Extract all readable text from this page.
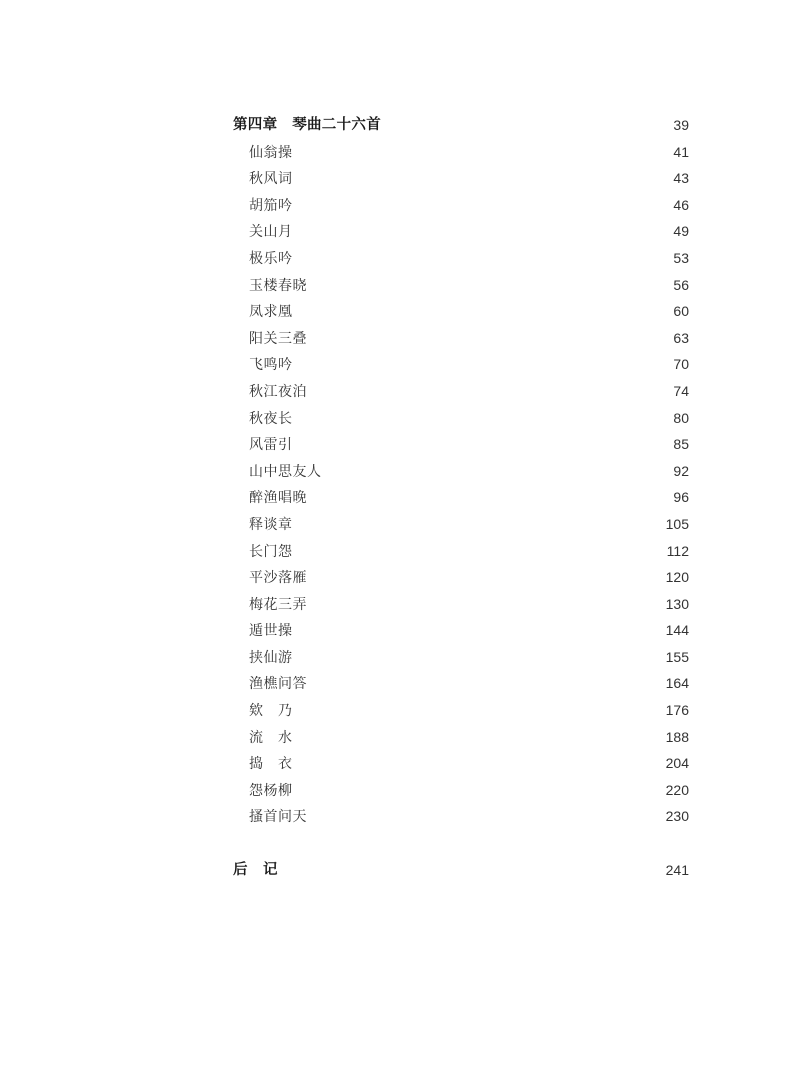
第四章　琴曲二十六首	39
仙翁操	41
秋风词	43
胡笳吟	46
关山月	49
极乐吟	53
玉楼春晓	56
凤求凰	60
阳关三叠	63
飞鸣吟	70
秋江夜泊	74
秋夜长	80
风雷引	85
山中思友人	92
醉渔唱晚	96
释谈章	105
长门怨	112
平沙落雁	120
梅花三弄	130
遁世操	144
挟仙游	155
渔樵问答	164
欸　乃	176
流　水	188
捣　衣	204
怨杨柳	220
搔首问天	230
后　记	241
